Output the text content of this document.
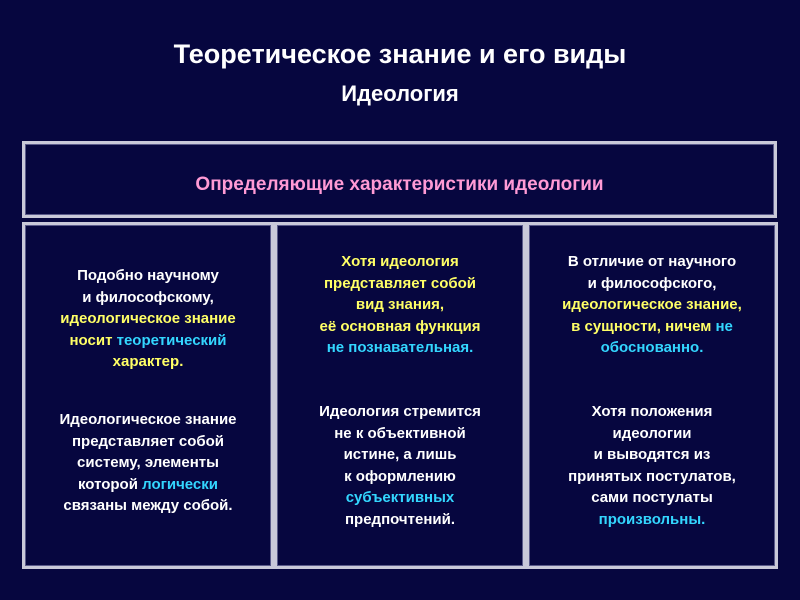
Теоретическое знание и его виды
Идеология
Определяющие характеристики идеологии
Подобно научному
и философскому,
идеологическое знание
носит теоретический
характер.
Идеологическое знание
представляет собой
систему, элементы
которой логически
связаны между собой.
Хотя идеология
представляет собой
вид знания,
её основная функция
не познавательная.
Идеология стремится
не к объективной
истине, а лишь
к оформлению
субъективных
предпочтений.
В отличие от научного
и философского,
идеологическое знание,
в сущности, ничем не
обоснованно.
Хотя положения
идеологии
и выводятся из
принятых постулатов,
сами постулаты
произвольны.
